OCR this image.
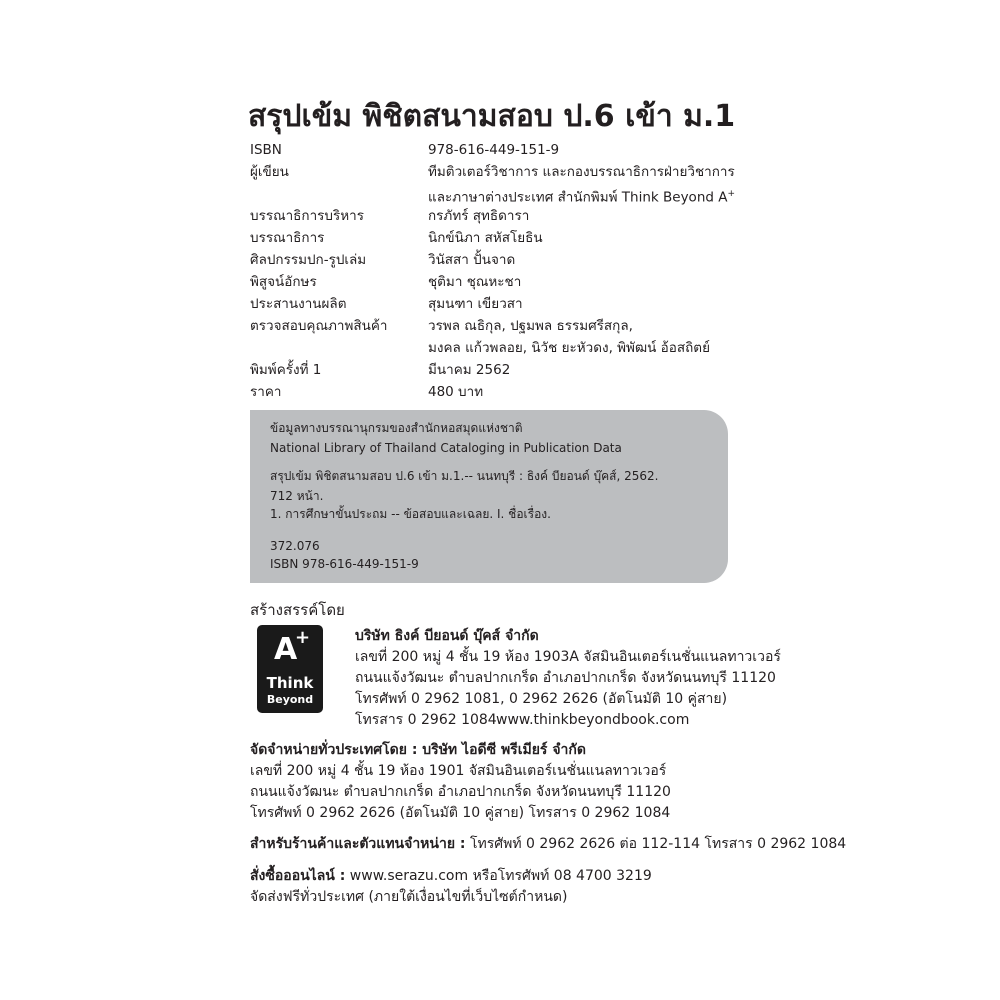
สรุปเข้ม พิชิตสนามสอบ ป.6 เข้า ม.1
ISBN	978-616-449-151-9
ผู้เขียน	ทีมติวเตอร์วิชาการ และกองบรรณาธิการฝ่ายวิชาการ
และภาษาต่างประเทศ สำนักพิมพ์ Think Beyond A+
บรรณาธิการบริหาร	กรภัทร์ สุทธิดารา
บรรณาธิการ	นิกข์นิภา สหัสโยธิน
ศิลปกรรมปก-รูปเล่ม	วินัสสา ปั้นจาด
พิสูจน์อักษร	ชุติมา ชุณหะชา
ประสานงานผลิต	สุมนฑา เขียวสา
ตรวจสอบคุณภาพสินค้า	วรพล ณธิกุล, ปฐมพล ธรรมศรีสกุล,
มงคล แก้วพลอย, นิวัช ยะหัวดง, พิพัฒน์ อ้อสถิตย์
พิมพ์ครั้งที่ 1	มีนาคม 2562
ราคา	480 บาท
ข้อมูลทางบรรณานุกรมของสำนักหอสมุดแห่งชาติ
National Library of Thailand Cataloging in Publication Data
สรุปเข้ม พิชิตสนามสอบ ป.6 เข้า ม.1.-- นนทบุรี : ธิงค์ บียอนด์ บุ๊คส์, 2562.
712 หน้า.
1. การศึกษาขั้นประถม -- ข้อสอบและเฉลย. I. ชื่อเรื่อง.
372.076
ISBN 978-616-449-151-9
สร้างสรรค์โดย
A
+
Think
Beyond
บริษัท ธิงค์ บียอนด์ บุ๊คส์ จำกัด
เลขที่ 200 หมู่ 4 ชั้น 19 ห้อง 1903A จัสมินอินเตอร์เนชั่นแนลทาวเวอร์
ถนนแจ้งวัฒนะ ตำบลปากเกร็ด อำเภอปากเกร็ด จังหวัดนนทบุรี 11120
โทรศัพท์ 0 2962 1081, 0 2962 2626 (อัตโนมัติ 10 คู่สาย)
โทรสาร 0 2962 1084 www.thinkbeyondbook.com
จัดจำหน่ายทั่วประเทศโดย : บริษัท ไอดีซี พรีเมียร์ จำกัด
เลขที่ 200 หมู่ 4 ชั้น 19 ห้อง 1901 จัสมินอินเตอร์เนชั่นแนลทาวเวอร์
ถนนแจ้งวัฒนะ ตำบลปากเกร็ด อำเภอปากเกร็ด จังหวัดนนทบุรี 11120
โทรศัพท์ 0 2962 2626 (อัตโนมัติ 10 คู่สาย) โทรสาร 0 2962 1084
สำหรับร้านค้าและตัวแทนจำหน่าย : โทรศัพท์ 0 2962 2626 ต่อ 112-114 โทรสาร 0 2962 1084
สั่งซื้อออนไลน์ : www.serazu.com หรือโทรศัพท์ 08 4700 3219
จัดส่งฟรีทั่วประเทศ (ภายใต้เงื่อนไขที่เว็บไซต์กำหนด)
